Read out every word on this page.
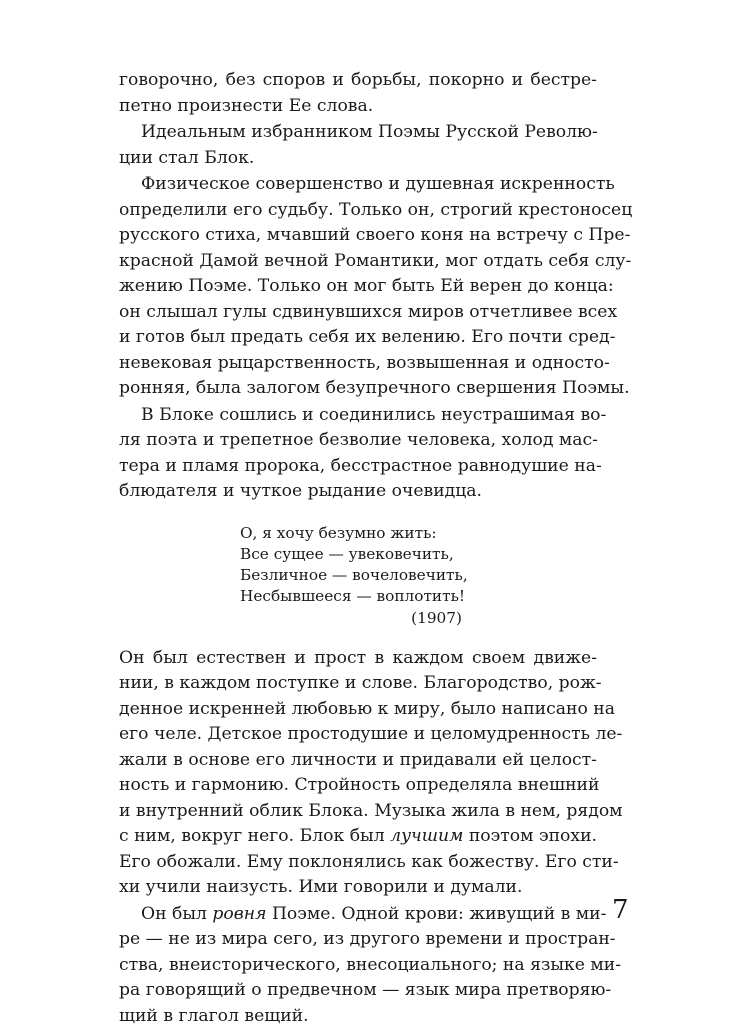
говорочно, без споров и борьбы, покорно и бестре-
петно произнести Ее слова.
Идеальным избранником Поэмы Русской Револю-
ции стал Блок.
Физическое совершенство и душевная искренность
определили его судьбу. Только он, строгий крестоносец
русского стиха, мчавший своего коня на встречу с Пре-
красной Дамой вечной Романтики, мог отдать себя слу-
жению Поэме. Только он мог быть Ей верен до конца:
он слышал гулы сдвинувшихся миров отчетливее всех
и готов был предать себя их велению. Его почти сред-
невековая рыцарственность, возвышенная и односто-
ронняя, была залогом безупречного свершения Поэмы.
В Блоке сошлись и соединились неустрашимая во-
ля поэта и трепетное безволие человека, холод мас-
тера и пламя пророка, бесстрастное равнодушие на-
блюдателя и чуткое рыдание очевидца.
О, я хочу безумно жить:
Все сущее — увековечить,
Безличное — вочеловечить,
Несбывшееся — воплотить!
(1907)
Он был естествен и прост в каждом своем движе-
нии, в каждом поступке и слове. Благородство, рож-
денное искренней любовью к миру, было написано на
его челе. Детское простодушие и целомудренность ле-
жали в основе его личности и придавали ей целост-
ность и гармонию. Стройность определяла внешний
и внутренний облик Блока. Музыка жила в нем, рядом
с ним, вокруг него. Блок был лучшим поэтом эпохи.
Его обожали. Ему поклонялись как божеству. Его сти-
хи учили наизусть. Ими говорили и думали.
Он был ровня Поэме. Одной крови: живущий в ми-
ре — не из мира сего, из другого времени и простран-
ства, внеисторического, внесоциального; на языке ми-
ра говорящий о предвечном — язык мира претворяю-
щий в глагол вещий.
7
